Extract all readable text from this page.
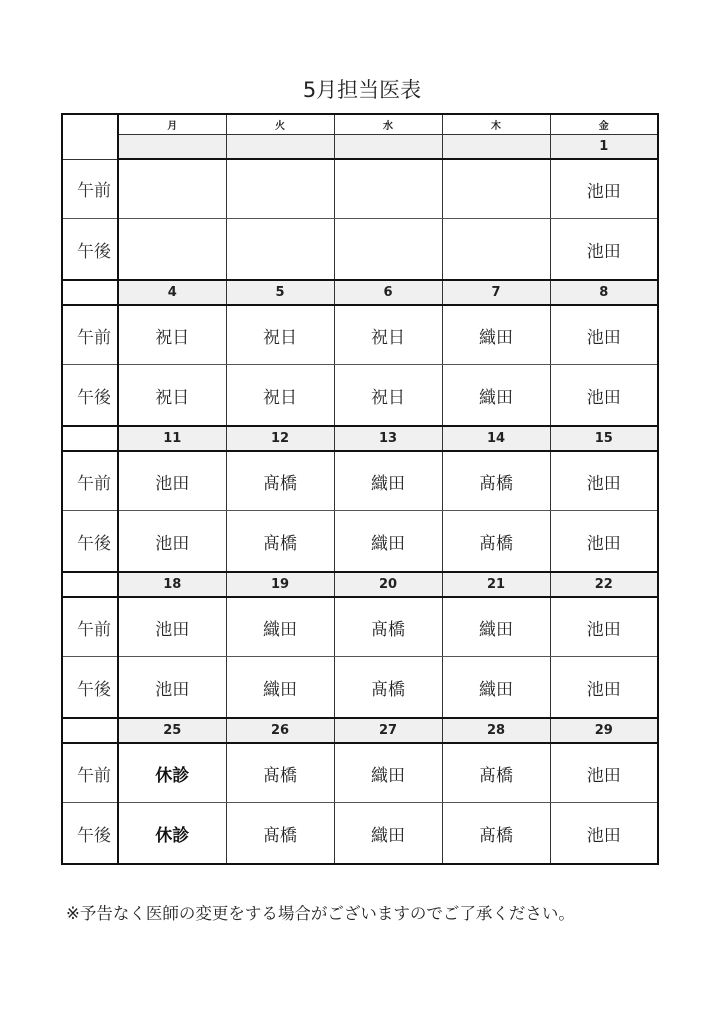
5月担当医表
	月	火	水	木	金
					1
午前					池田
午後					池田
	4	5	6	7	8
午前	祝日	祝日	祝日	織田	池田
午後	祝日	祝日	祝日	織田	池田
	11	12	13	14	15
午前	池田	髙橋	織田	髙橋	池田
午後	池田	髙橋	織田	髙橋	池田
	18	19	20	21	22
午前	池田	織田	髙橋	織田	池田
午後	池田	織田	髙橋	織田	池田
	25	26	27	28	29
午前	休診	髙橋	織田	髙橋	池田
午後	休診	髙橋	織田	髙橋	池田
※予告なく医師の変更をする場合がございますのでご了承ください。
